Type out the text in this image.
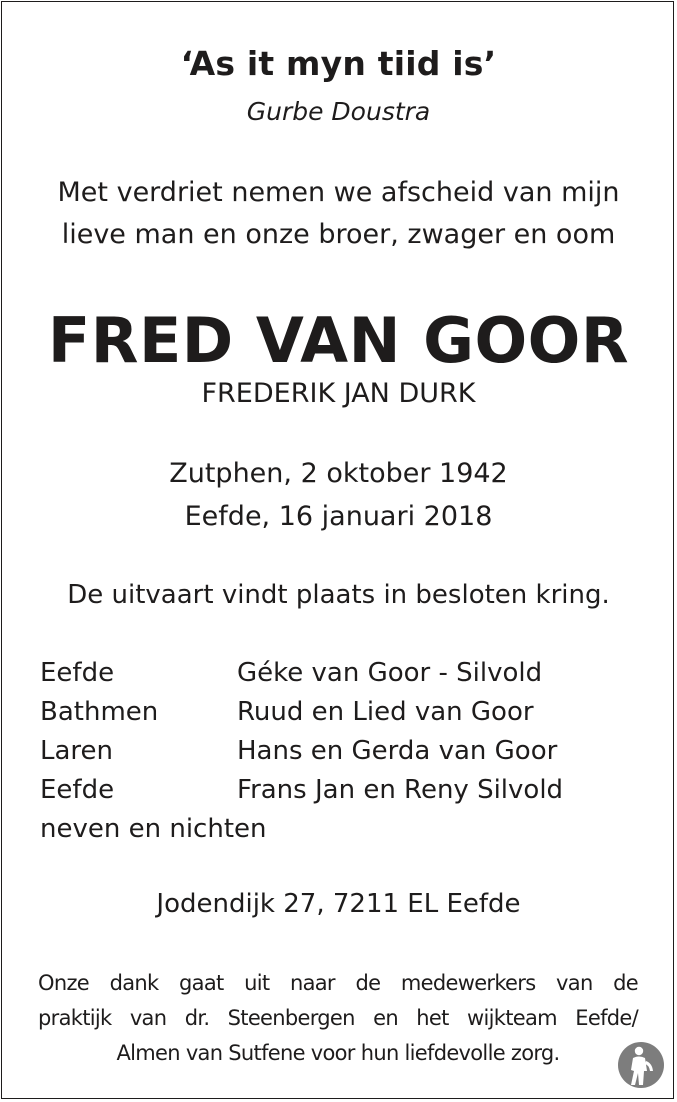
‘As it myn tiid is’
Gurbe Doustra
Met verdriet nemen we afscheid van mijn
lieve man en onze broer, zwager en oom
FRED VAN GOOR
FREDERIK JAN DURK
Zutphen, 2 oktober 1942
Eefde, 16 januari 2018
De uitvaart vindt plaats in besloten kring.
Eefde	Géke van Goor - Silvold
Bathmen	Ruud en Lied van Goor
Laren	Hans en Gerda van Goor
Eefde	Frans Jan en Reny Silvold
neven en nichten
Jodendijk 27, 7211 EL Eefde
Onze dank gaat uit naar de medewerkers van de
praktijk van dr. Steenbergen en het wijkteam Eefde/
Almen van Sutfene voor hun liefdevolle zorg.
